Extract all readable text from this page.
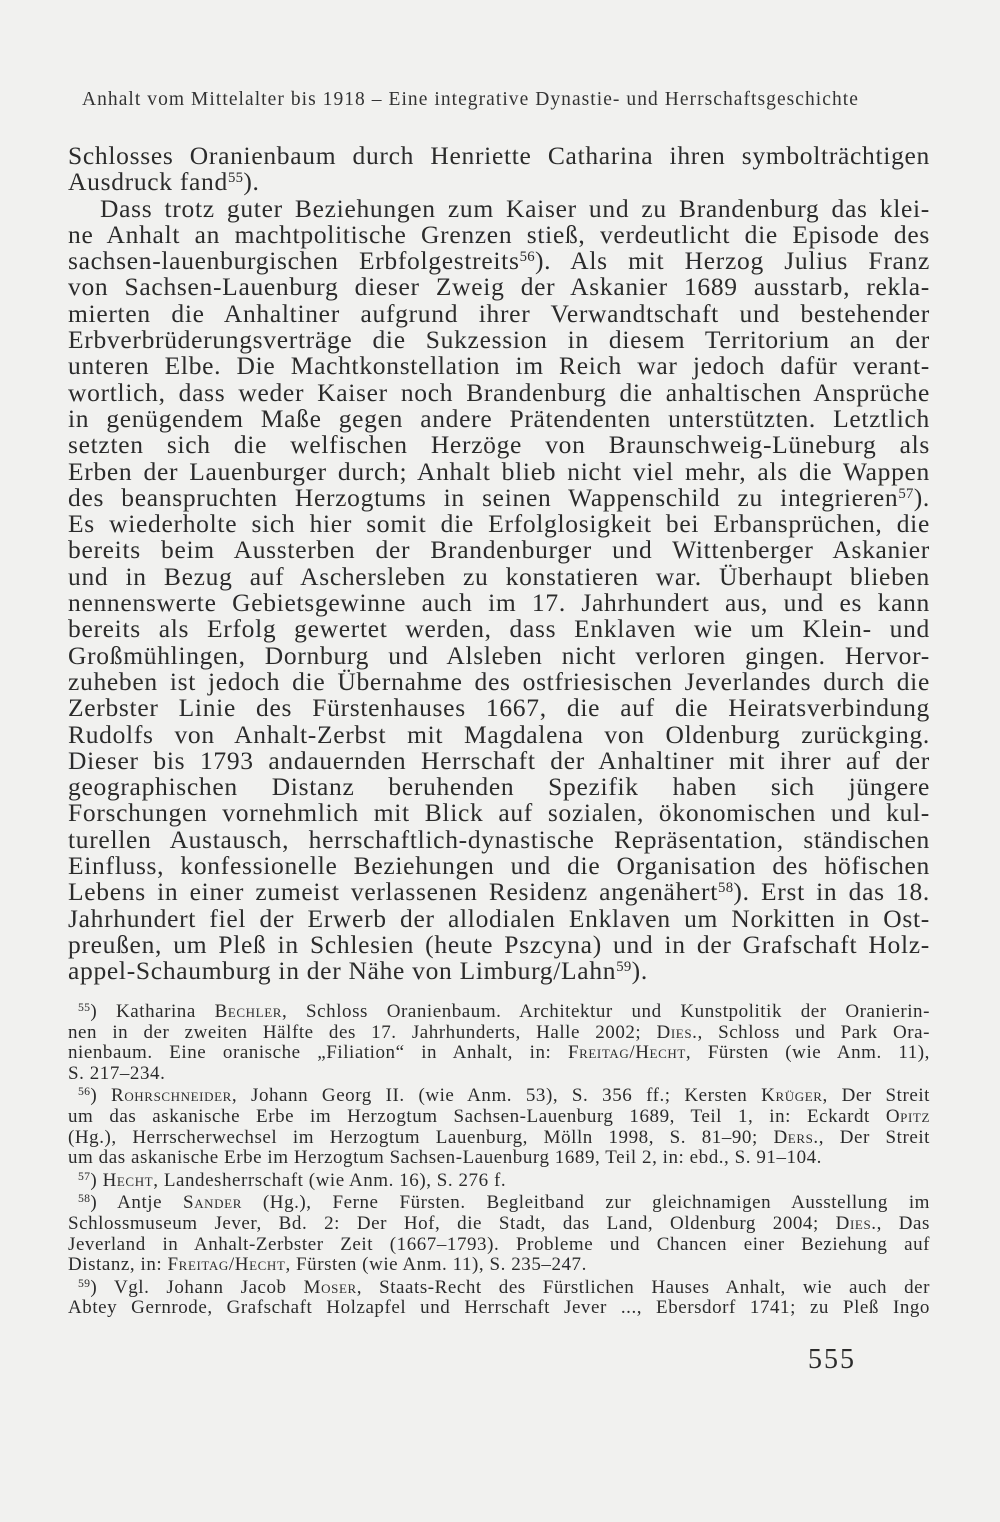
Anhalt vom Mittelalter bis 1918 – Eine integrative Dynastie- und Herrschaftsgeschichte
Schlosses Oranienbaum durch Henriette Catharina ihren symbolträchtigen
Ausdruck fand$^{55}$).
Dass trotz guter Beziehungen zum Kaiser und zu Brandenburg das klei-
ne Anhalt an machtpolitische Grenzen stieß, verdeutlicht die Episode des
sachsen-lauenburgischen Erbfolgestreits$^{56}$). Als mit Herzog Julius Franz
von Sachsen-Lauenburg dieser Zweig der Askanier 1689 ausstarb, rekla-
mierten die Anhaltiner aufgrund ihrer Verwandtschaft und bestehender
Erbverbrüderungsverträge die Sukzession in diesem Territorium an der
unteren Elbe. Die Machtkonstellation im Reich war jedoch dafür verant-
wortlich, dass weder Kaiser noch Brandenburg die anhaltischen Ansprüche
in genügendem Maße gegen andere Prätendenten unterstützten. Letztlich
setzten sich die welfischen Herzöge von Braunschweig-Lüneburg als
Erben der Lauenburger durch; Anhalt blieb nicht viel mehr, als die Wappen
des beanspruchten Herzogtums in seinen Wappenschild zu integrieren$^{57}$).
Es wiederholte sich hier somit die Erfolglosigkeit bei Erbansprüchen, die
bereits beim Aussterben der Brandenburger und Wittenberger Askanier
und in Bezug auf Aschersleben zu konstatieren war. Überhaupt blieben
nennenswerte Gebietsgewinne auch im 17. Jahrhundert aus, und es kann
bereits als Erfolg gewertet werden, dass Enklaven wie um Klein- und
Großmühlingen, Dornburg und Alsleben nicht verloren gingen. Hervor-
zuheben ist jedoch die Übernahme des ostfriesischen Jeverlandes durch die
Zerbster Linie des Fürstenhauses 1667, die auf die Heiratsverbindung
Rudolfs von Anhalt-Zerbst mit Magdalena von Oldenburg zurückging.
Dieser bis 1793 andauernden Herrschaft der Anhaltiner mit ihrer auf der
geographischen Distanz beruhenden Spezifik haben sich jüngere
Forschungen vornehmlich mit Blick auf sozialen, ökonomischen und kul-
turellen Austausch, herrschaftlich-dynastische Repräsentation, ständischen
Einfluss, konfessionelle Beziehungen und die Organisation des höfischen
Lebens in einer zumeist verlassenen Residenz angenähert$^{58}$). Erst in das 18.
Jahrhundert fiel der Erwerb der allodialen Enklaven um Norkitten in Ost-
preußen, um Pleß in Schlesien (heute Pszcyna) und in der Grafschaft Holz-
appel-Schaumburg in der Nähe von Limburg/Lahn$^{59}$).
$^{55}$) Katharina Bechler, Schloss Oranienbaum. Architektur und Kunstpolitik der Oranierin-
nen in der zweiten Hälfte des 17. Jahrhunderts, Halle 2002; Dies., Schloss und Park Ora-
nienbaum. Eine oranische „Filiation“ in Anhalt, in: Freitag/Hecht, Fürsten (wie Anm. 11),
S. 217–234.
$^{56}$) Rohrschneider, Johann Georg II. (wie Anm. 53), S. 356 ff.; Kersten Krüger, Der Streit
um das askanische Erbe im Herzogtum Sachsen-Lauenburg 1689, Teil 1, in: Eckardt Opitz
(Hg.), Herrscherwechsel im Herzogtum Lauenburg, Mölln 1998, S. 81–90; Ders., Der Streit
um das askanische Erbe im Herzogtum Sachsen-Lauenburg 1689, Teil 2, in: ebd., S. 91–104.
$^{57}$) Hecht, Landesherrschaft (wie Anm. 16), S. 276 f.
$^{58}$) Antje Sander (Hg.), Ferne Fürsten. Begleitband zur gleichnamigen Ausstellung im
Schlossmuseum Jever, Bd. 2: Der Hof, die Stadt, das Land, Oldenburg 2004; Dies., Das
Jeverland in Anhalt-Zerbster Zeit (1667–1793). Probleme und Chancen einer Beziehung auf
Distanz, in: Freitag/Hecht, Fürsten (wie Anm. 11), S. 235–247.
$^{59}$) Vgl. Johann Jacob Moser, Staats-Recht des Fürstlichen Hauses Anhalt, wie auch der
Abtey Gernrode, Grafschaft Holzapfel und Herrschaft Jever ..., Ebersdorf 1741; zu Pleß Ingo
555
